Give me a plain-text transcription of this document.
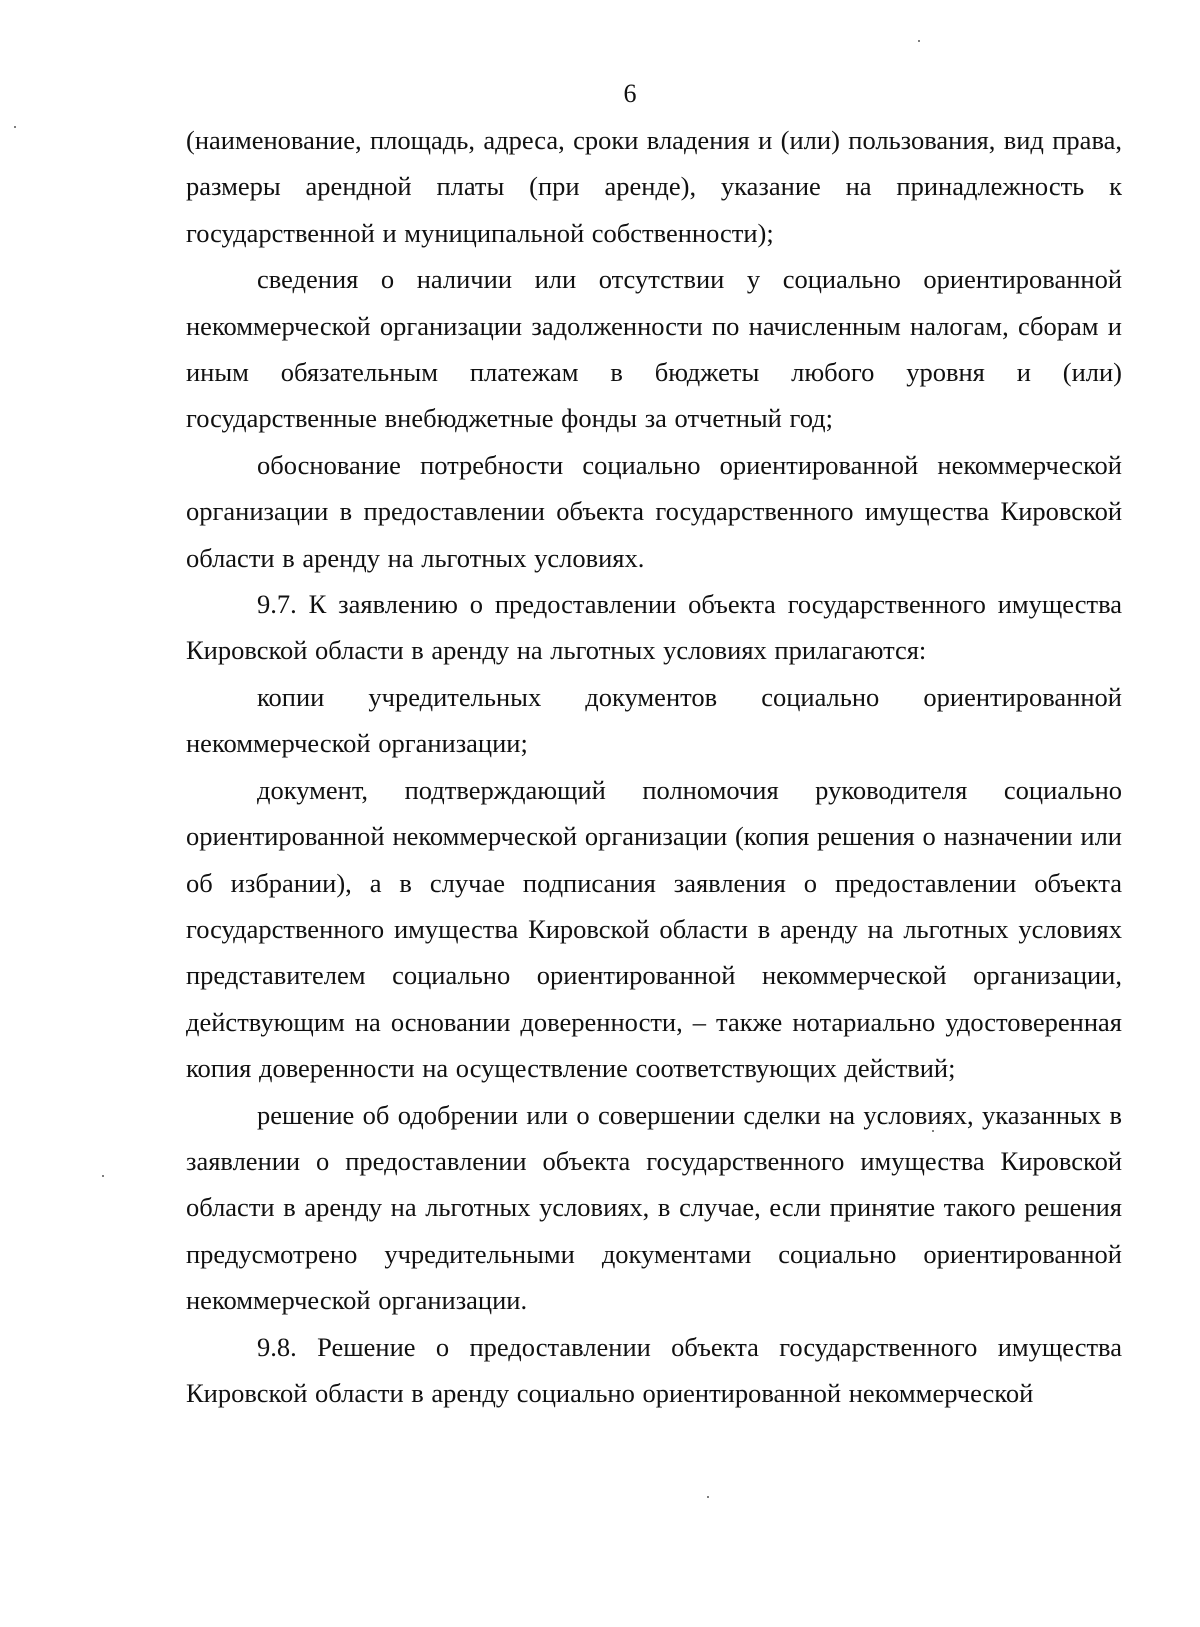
6

(наименование, площадь, адреса, сроки владения и (или) пользования, вид права, размеры арендной платы (при аренде), указание на принадлежность к государственной и муниципальной собственности);

сведения о наличии или отсутствии у социально ориентированной некоммерческой организации задолженности по начисленным налогам, сборам и иным обязательным платежам в бюджеты любого уровня и (или) государственные внебюджетные фонды за отчетный год;

обоснование потребности социально ориентированной некоммерческой организации в предоставлении объекта государственного имущества Кировской области в аренду на льготных условиях.

9.7. К заявлению о предоставлении объекта государственного имущества Кировской области в аренду на льготных условиях прилагаются:

копии учредительных документов социально ориентированной некоммерческой организации;

документ, подтверждающий полномочия руководителя социально ориентированной некоммерческой организации (копия решения о назначении или об избрании), а в случае подписания заявления о предоставлении объекта государственного имущества Кировской области в аренду на льготных условиях представителем социально ориентированной некоммерческой организации, действующим на основании доверенности, – также нотариально удостоверенная копия доверенности на осуществление соответствующих действий;

решение об одобрении или о совершении сделки на условиях, указанных в заявлении о предоставлении объекта государственного имущества Кировской области в аренду на льготных условиях, в случае, если принятие такого решения предусмотрено учредительными документами социально ориентированной некоммерческой организации.

9.8. Решение о предоставлении объекта государственного имущества Кировской области в аренду социально ориентированной некоммерческой
